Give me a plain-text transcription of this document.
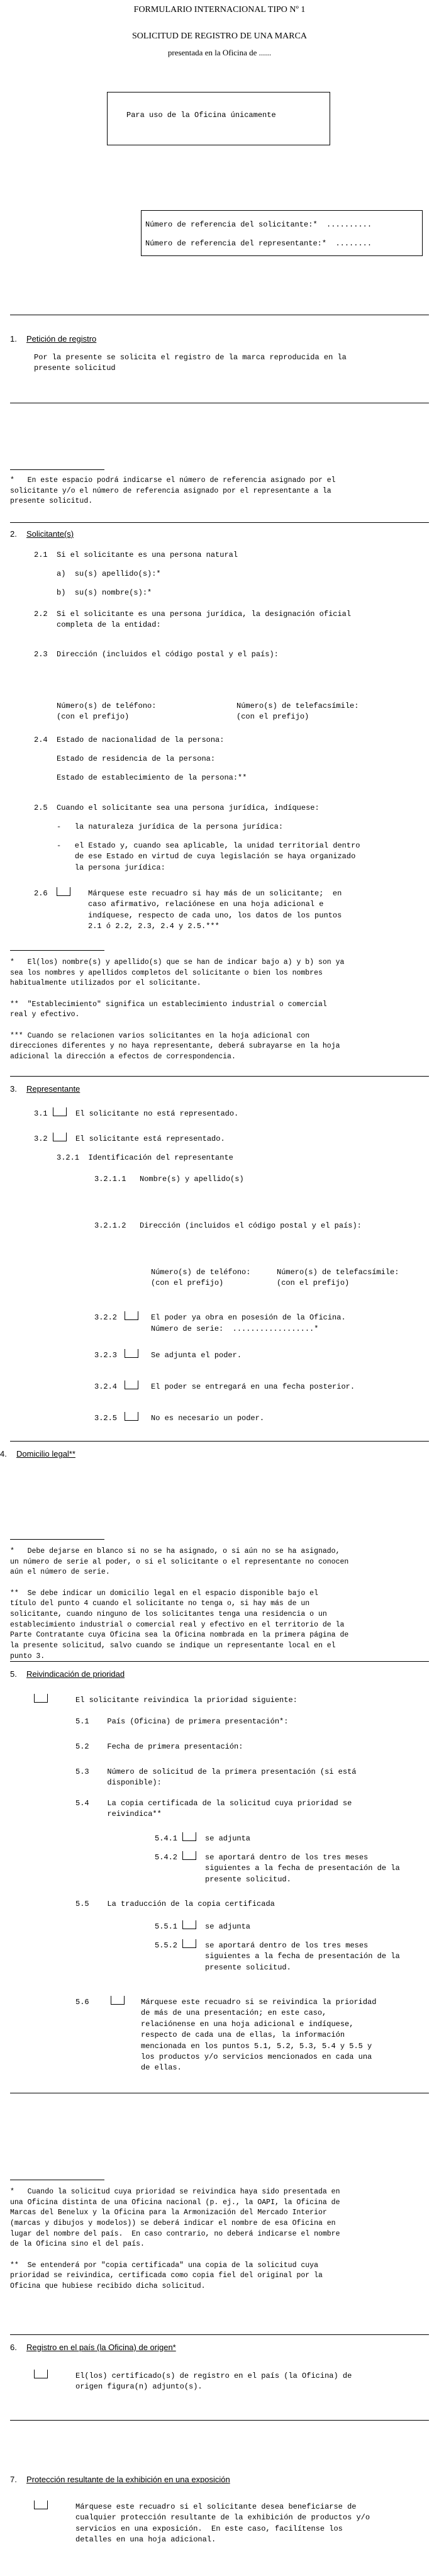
FORMULARIO INTERNACIONAL TIPO Nº 1
SOLICITUD DE REGISTRO DE UNA MARCA
presentada en la Oficina de ......
Para uso de la Oficina únicamente
Número de referencia del solicitante:*  ..........
Número de referencia del representante:*  ........
1. Petición de registro
Por la presente se solicita el registro de la marca reproducida en la
presente solicitud
*   En este espacio podrá indicarse el número de referencia asignado por el
solicitante y/o el número de referencia asignado por el representante a la
presente solicitud.
2. Solicitante(s)
2.1  Si el solicitante es una persona natural
a)  su(s) apellido(s):*
b)  su(s) nombre(s):*
2.2  Si el solicitante es una persona jurídica, la designación oficial
completa de la entidad:
2.3  Dirección (incluidos el código postal y el país):
Número(s) de teléfono:
(con el prefijo)
Número(s) de telefacsímile:
(con el prefijo)
2.4  Estado de nacionalidad de la persona:
Estado de residencia de la persona:
Estado de establecimiento de la persona:**
2.5  Cuando el solicitante sea una persona jurídica, indíquese:
-   la naturaleza jurídica de la persona jurídica:
-   el Estado y, cuando sea aplicable, la unidad territorial dentro
de ese Estado en virtud de cuya legislación se haya organizado
la persona jurídica:
2.6	Márquese este recuadro si hay más de un solicitante;  en
caso afirmativo, relaciónese en una hoja adicional e
indíquese, respecto de cada uno, los datos de los puntos
2.1 ó 2.2, 2.3, 2.4 y 2.5.***
*   El(los) nombre(s) y apellido(s) que se han de indicar bajo a) y b) son ya
sea los nombres y apellidos completos del solicitante o bien los nombres
habitualmente utilizados por el solicitante.

**  "Establecimiento" significa un establecimiento industrial o comercial
real y efectivo.

*** Cuando se relacionen varios solicitantes en la hoja adicional con
direcciones diferentes y no haya representante, deberá subrayarse en la hoja
adicional la dirección a efectos de correspondencia.
3. Representante
3.1	El solicitante no está representado.
3.2	El solicitante está representado.
3.2.1  Identificación del representante
3.2.1.1   Nombre(s) y apellido(s)
3.2.1.2   Dirección (incluidos el código postal y el país):
Número(s) de teléfono:
(con el prefijo)
Número(s) de telefacsímile:
(con el prefijo)
3.2.2	El poder ya obra en posesión de la Oficina.
Número de serie:  ..................*
3.2.3	Se adjunta el poder.
3.2.4	El poder se entregará en una fecha posterior.
3.2.5	No es necesario un poder.
4. Domicilio legal**
*   Debe dejarse en blanco si no se ha asignado, o si aún no se ha asignado,
un número de serie al poder, o si el solicitante o el representante no conocen
aún el número de serie.

**  Se debe indicar un domicilio legal en el espacio disponible bajo el
título del punto 4 cuando el solicitante no tenga o, si hay más de un
solicitante, cuando ninguno de los solicitantes tenga una residencia o un
establecimiento industrial o comercial real y efectivo en el territorio de la
Parte Contratante cuya Oficina sea la Oficina nombrada en la primera página de
la presente solicitud, salvo cuando se indique un representante local en el
punto 3.
5. Reivindicación de prioridad
El solicitante reivindica la prioridad siguiente:
5.1    País (Oficina) de primera presentación*:
5.2    Fecha de primera presentación:
5.3    Número de solicitud de la primera presentación (si está
disponible):
5.4    La copia certificada de la solicitud cuya prioridad se
reivindica**
5.4.1	se adjunta
5.4.2	se aportará dentro de los tres meses
siguientes a la fecha de presentación de la
presente solicitud.
5.5    La traducción de la copia certificada
5.5.1	se adjunta
5.5.2	se aportará dentro de los tres meses
siguientes a la fecha de presentación de la
presente solicitud.
5.6	Márquese este recuadro si se reivindica la prioridad
de más de una presentación; en este caso,
relaciónense en una hoja adicional e indíquese,
respecto de cada una de ellas, la información
mencionada en los puntos 5.1, 5.2, 5.3, 5.4 y 5.5 y
los productos y/o servicios mencionados en cada una
de ellas.
*   Cuando la solicitud cuya prioridad se reivindica haya sido presentada en
una Oficina distinta de una Oficina nacional (p. ej., la OAPI, la Oficina de
Marcas del Benelux y la Oficina para la Armonización del Mercado Interior
(marcas y dibujos y modelos)) se deberá indicar el nombre de esa Oficina en
lugar del nombre del país.  En caso contrario, no deberá indicarse el nombre
de la Oficina sino el del país.

**  Se entenderá por "copia certificada" una copia de la solicitud cuya
prioridad se reivindica, certificada como copia fiel del original por la
Oficina que hubiese recibido dicha solicitud.
6. Registro en el país (la Oficina) de origen*
El(los) certificado(s) de registro en el país (la Oficina) de
origen figura(n) adjunto(s).
7. Protección resultante de la exhibición en una exposición
Márquese este recuadro si el solicitante desea beneficiarse de
cualquier protección resultante de la exhibición de productos y/o
servicios en una exposición.  En este caso, facilítense los
detalles en una hoja adicional.
